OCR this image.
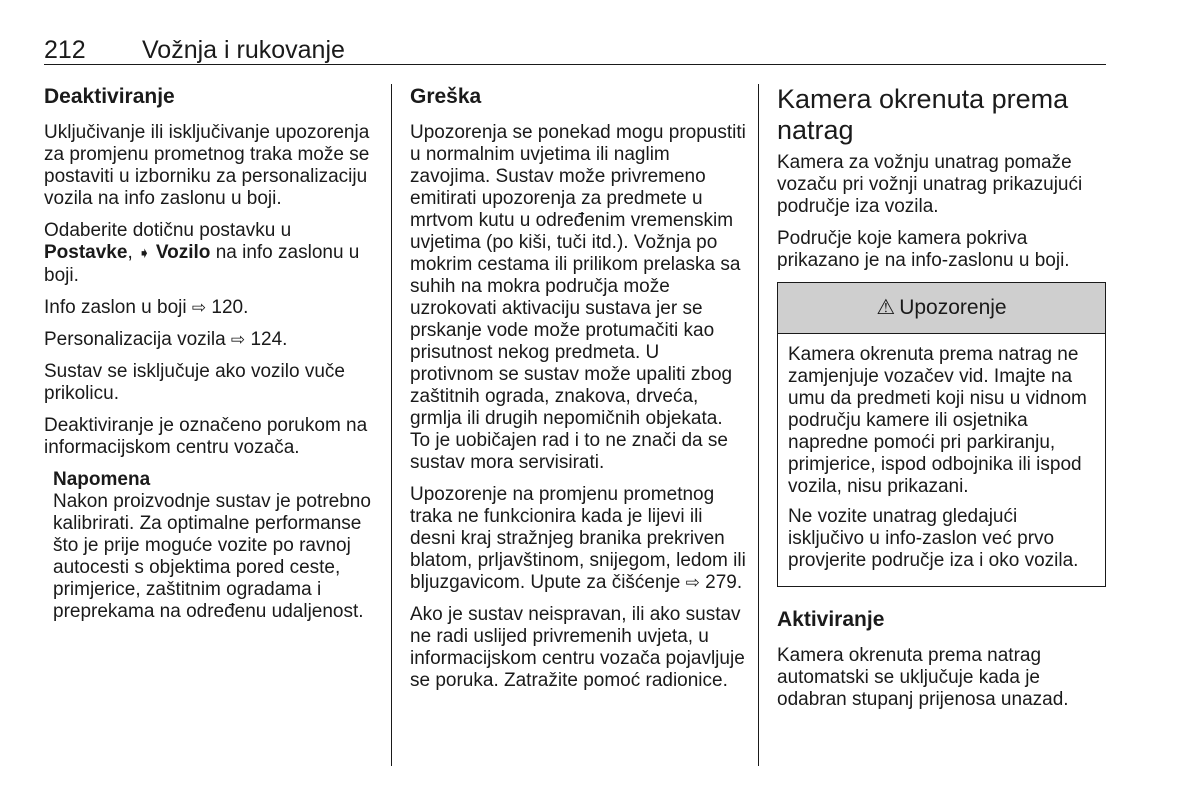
212 Vožnja i rukovanje
Deaktiviranje

Uključivanje ili isključivanje upozorenja za promjenu prometnog traka može se postaviti u izborniku za personalizaciju vozila na info zaslonu u boji.

Odaberite dotičnu postavku u Postavke, ➧ Vozilo na info zaslonu u boji.

Info zaslon u boji ⇨ 120.

Personalizacija vozila ⇨ 124.

Sustav se isključuje ako vozilo vuče prikolicu.

Deaktiviranje je označeno porukom na informacijskom centru vozača.

Napomena

Nakon proizvodnje sustav je potrebno kalibrirati. Za optimalne performanse što je prije moguće vozite po ravnoj autocesti s objektima pored ceste, primjerice, zaštitnim ogradama i preprekama na određenu udaljenost.

Greška

Upozorenja se ponekad mogu propustiti u normalnim uvjetima ili naglim zavojima. Sustav može privremeno emitirati upozorenja za predmete u mrtvom kutu u određenim vremenskim uvjetima (po kiši, tuči itd.). Vožnja po mokrim cestama ili prilikom prelaska sa suhih na mokra područja može uzrokovati aktivaciju sustava jer se prskanje vode može protumačiti kao prisutnost nekog predmeta. U protivnom se sustav može upaliti zbog zaštitnih ograda, znakova, drveća, grmlja ili drugih nepomičnih objekata. To je uobičajen rad i to ne znači da se sustav mora servisirati.

Upozorenje na promjenu prometnog traka ne funkcionira kada je lijevi ili desni kraj stražnjeg branika prekriven blatom, prljavštinom, snijegom, ledom ili bljuzgavicom. Upute za čišćenje ⇨ 279.

Ako je sustav neispravan, ili ako sustav ne radi uslijed privremenih uvjeta, u informacijskom centru vozača pojavljuje se poruka. Zatražite pomoć radionice.

Kamera okrenuta prema natrag

Kamera za vožnju unatrag pomaže vozaču pri vožnji unatrag prikazujući područje iza vozila.

Područje koje kamera pokriva prikazano je na info-zaslonu u boji.

⚠ Upozorenje

Kamera okrenuta prema natrag ne zamjenjuje vozačev vid. Imajte na umu da predmeti koji nisu u vidnom području kamere ili osjetnika napredne pomoći pri parkiranju, primjerice, ispod odbojnika ili ispod vozila, nisu prikazani.

Ne vozite unatrag gledajući isključivo u info-zaslon već prvo provjerite područje iza i oko vozila.

Aktiviranje

Kamera okrenuta prema natrag automatski se uključuje kada je odabran stupanj prijenosa unazad.
